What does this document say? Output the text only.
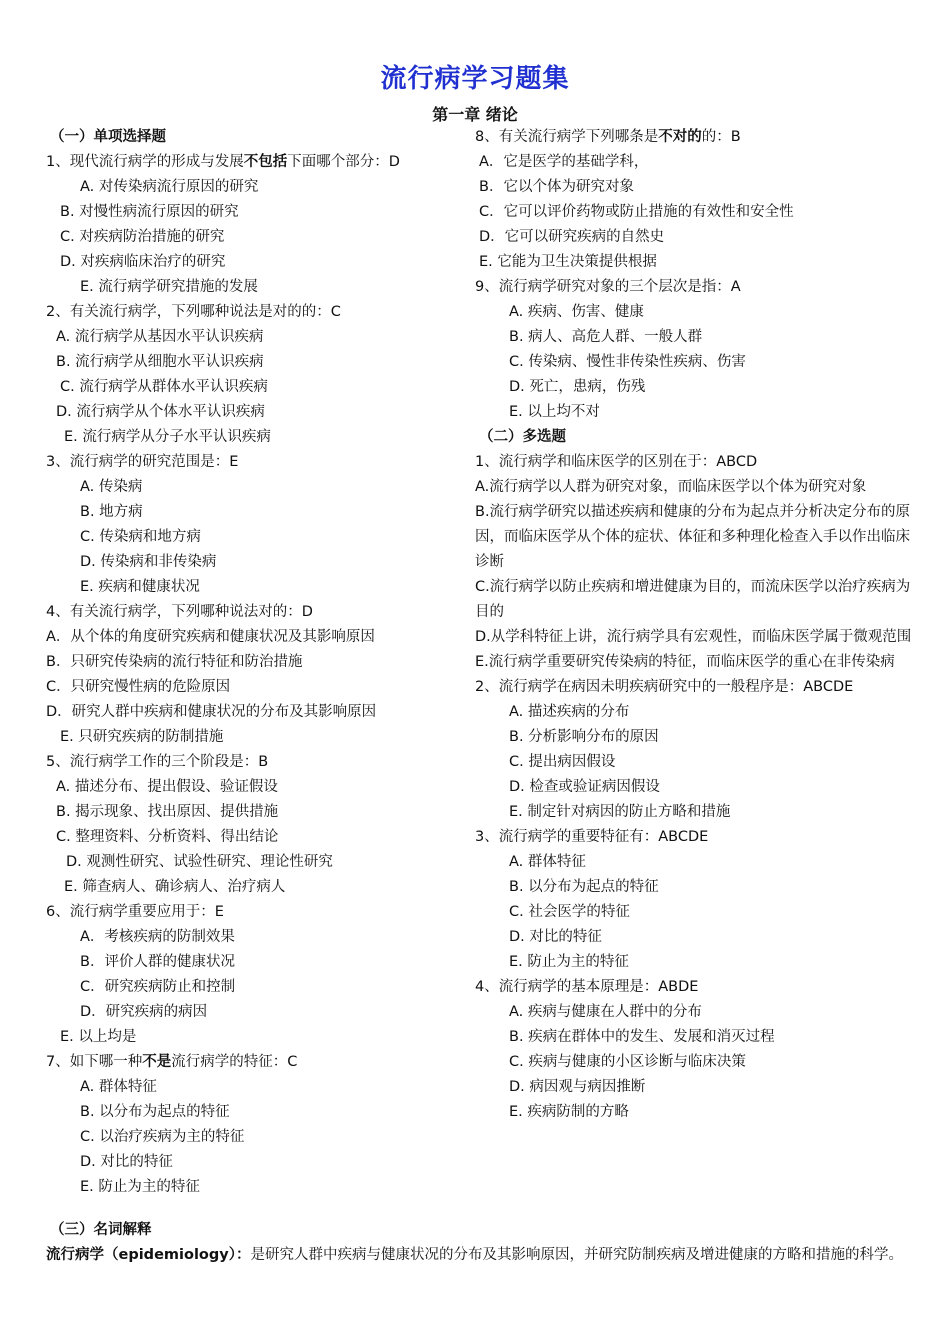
流行病学习题集
第一章 绪论
（一）单项选择题
1、现代流行病学的形成与发展不包括下面哪个部分：D
A. 对传染病流行原因的研究
B. 对慢性病流行原因的研究
C. 对疾病防治措施的研究
D. 对疾病临床治疗的研究
E. 流行病学研究措施的发展
2、有关流行病学，下列哪种说法是对的的：C
A. 流行病学从基因水平认识疾病
B. 流行病学从细胞水平认识疾病
C. 流行病学从群体水平认识疾病
D. 流行病学从个体水平认识疾病
E. 流行病学从分子水平认识疾病
3、流行病学的研究范围是：E
A. 传染病
B. 地方病
C. 传染病和地方病
D. 传染病和非传染病
E. 疾病和健康状况
4、有关流行病学，下列哪种说法对的：D
A．从个体的角度研究疾病和健康状况及其影响原因
B．只研究传染病的流行特征和防治措施
C．只研究慢性病的危险原因
D．研究人群中疾病和健康状况的分布及其影响原因
E. 只研究疾病的防制措施
5、流行病学工作的三个阶段是：B
A. 描述分布、提出假设、验证假设
B. 揭示现象、找出原因、提供措施
C. 整理资料、分析资料、得出结论
D. 观测性研究、试验性研究、理论性研究
E. 筛查病人、确诊病人、治疗病人
6、流行病学重要应用于：E
A．考核疾病的防制效果
B．评价人群的健康状况
C．研究疾病防止和控制
D．研究疾病的病因
E. 以上均是
7、如下哪一种不是流行病学的特征：C
A. 群体特征
B. 以分布为起点的特征
C. 以治疗疾病为主的特征
D. 对比的特征
E. 防止为主的特征
8、有关流行病学下列哪条是不对的的：B
A．它是医学的基础学科，
B．它以个体为研究对象
C．它可以评价药物或防止措施的有效性和安全性
D．它可以研究疾病的自然史
E. 它能为卫生决策提供根据
9、流行病学研究对象的三个层次是指：A
A. 疾病、伤害、健康
B. 病人、高危人群、一般人群
C. 传染病、慢性非传染性疾病、伤害
D. 死亡，患病，伤残
E. 以上均不对
（二）多选题
1、流行病学和临床医学的区别在于：ABCD
A.流行病学以人群为研究对象，而临床医学以个体为研究对象
B.流行病学研究以描述疾病和健康的分布为起点并分析决定分布的原因，而临床医学从个体的症状、体征和多种理化检查入手以作出临床诊断
C.流行病学以防止疾病和增进健康为目的，而流床医学以治疗疾病为目的
D.从学科特征上讲，流行病学具有宏观性，而临床医学属于微观范围
E.流行病学重要研究传染病的特征，而临床医学的重心在非传染病
2、流行病学在病因未明疾病研究中的一般程序是：ABCDE
A. 描述疾病的分布
B. 分析影响分布的原因
C. 提出病因假设
D. 检查或验证病因假设
E. 制定针对病因的防止方略和措施
3、流行病学的重要特征有：ABCDE
A. 群体特征
B. 以分布为起点的特征
C. 社会医学的特征
D. 对比的特征
E. 防止为主的特征
4、流行病学的基本原理是：ABDE
A. 疾病与健康在人群中的分布
B. 疾病在群体中的发生、发展和消灭过程
C. 疾病与健康的小区诊断与临床决策
D. 病因观与病因推断
E. 疾病防制的方略
（三）名词解释
流行病学（epidemiology）：是研究人群中疾病与健康状况的分布及其影响原因，并研究防制疾病及增进健康的方略和措施的科学。
